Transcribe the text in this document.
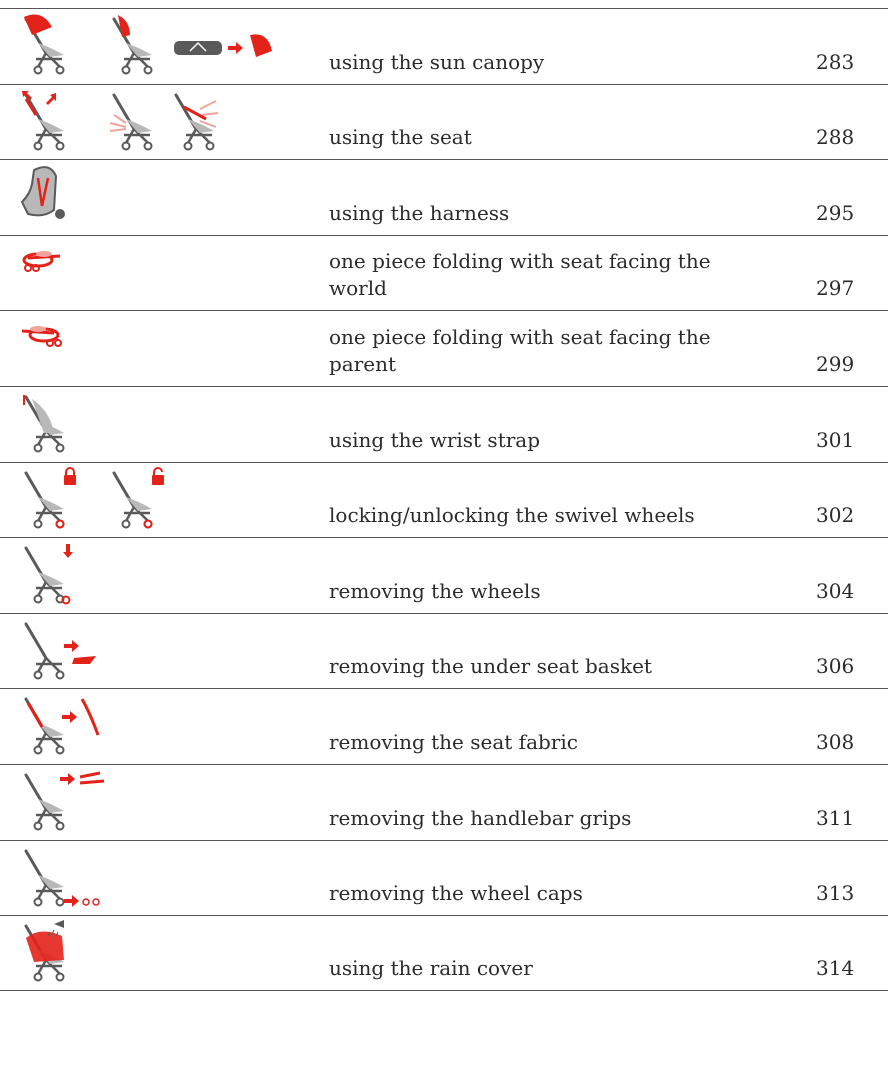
using the sun canopy	283
using the seat	288
using the harness	295
one piece folding with seat facing the world	297
one piece folding with seat facing the parent	299
using the wrist strap	301
locking/unlocking the swivel wheels	302
removing the wheels	304
removing the under seat basket	306
removing the seat fabric	308
removing the handlebar grips	311
removing the wheel caps	313
using the rain cover	314
